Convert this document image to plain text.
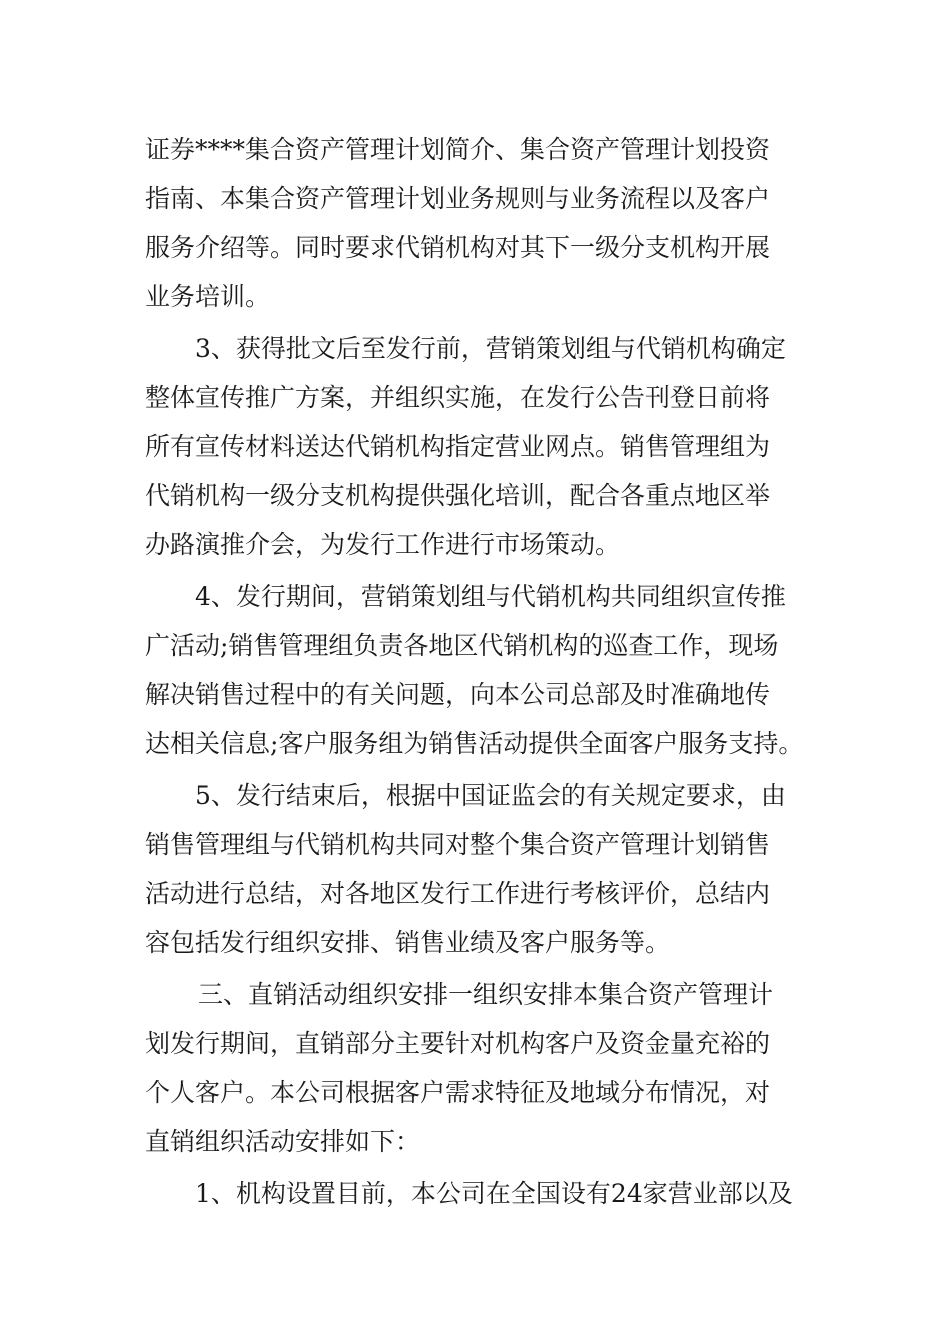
证券****集合资产管理计划简介、集合资产管理计划投资
指南、本集合资产管理计划业务规则与业务流程以及客户
服务介绍等。同时要求代销机构对其下一级分支机构开展
业务培训。
3、获得批文后至发行前，营销策划组与代销机构确定
整体宣传推广方案，并组织实施，在发行公告刊登日前将
所有宣传材料送达代销机构指定营业网点。销售管理组为
代销机构一级分支机构提供强化培训，配合各重点地区举
办路演推介会，为发行工作进行市场策动。
4、发行期间，营销策划组与代销机构共同组织宣传推
广活动;销售管理组负责各地区代销机构的巡查工作，现场
解决销售过程中的有关问题，向本公司总部及时准确地传
达相关信息;客户服务组为销售活动提供全面客户服务支持。
5、发行结束后，根据中国证监会的有关规定要求，由
销售管理组与代销机构共同对整个集合资产管理计划销售
活动进行总结，对各地区发行工作进行考核评价，总结内
容包括发行组织安排、销售业绩及客户服务等。
三、直销活动组织安排一组织安排本集合资产管理计
划发行期间，直销部分主要针对机构客户及资金量充裕的
个人客户。本公司根据客户需求特征及地域分布情况，对
直销组织活动安排如下：
1、机构设置目前，本公司在全国设有24家营业部以及
